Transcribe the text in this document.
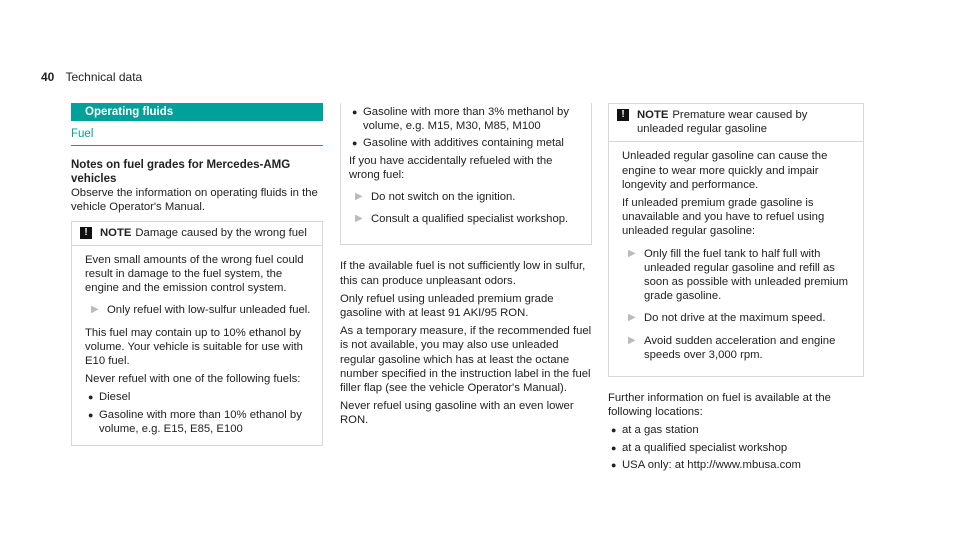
40 Technical data
Operating fluids
Fuel
Notes on fuel grades for Mercedes-AMG vehicles

Observe the information on operating fluids in the vehicle Operator's Manual.

!	NOTE Damage caused by the wrong fuel

Even small amounts of the wrong fuel could result in damage to the fuel system, the engine and the emission control system.

▶ Only refuel with low-sulfur unleaded fuel.

This fuel may contain up to 10% ethanol by volume. Your vehicle is suitable for use with E10 fuel.

Never refuel with one of the following fuels:

● Diesel
● Gasoline with more than 10% ethanol by volume, e.g. E15, E85, E100
● Gasoline with more than 3% methanol by volume, e.g. M15, M30, M85, M100
● Gasoline with additives containing metal

If you have accidentally refueled with the wrong fuel:

▶ Do not switch on the ignition.
▶ Consult a qualified specialist workshop.

If the available fuel is not sufficiently low in sulfur, this can produce unpleasant odors.

Only refuel using unleaded premium grade gasoline with at least 91 AKI/95 RON.

As a temporary measure, if the recommended fuel is not available, you may also use unleaded regular gasoline which has at least the octane number specified in the instruction label in the fuel filler flap (see the vehicle Operator's Manual).

Never refuel using gasoline with an even lower RON.

!	NOTE Premature wear caused by unleaded regular gasoline

Unleaded regular gasoline can cause the engine to wear more quickly and impair longevity and performance.

If unleaded premium grade gasoline is unavailable and you have to refuel using unleaded regular gasoline:

▶ Only fill the fuel tank to half full with unleaded regular gasoline and refill as soon as possible with unleaded premium grade gasoline.
▶ Do not drive at the maximum speed.
▶ Avoid sudden acceleration and engine speeds over 3,000 rpm.

Further information on fuel is available at the following locations:

● at a gas station
● at a qualified specialist workshop
● USA only: at http://www.mbusa.com
